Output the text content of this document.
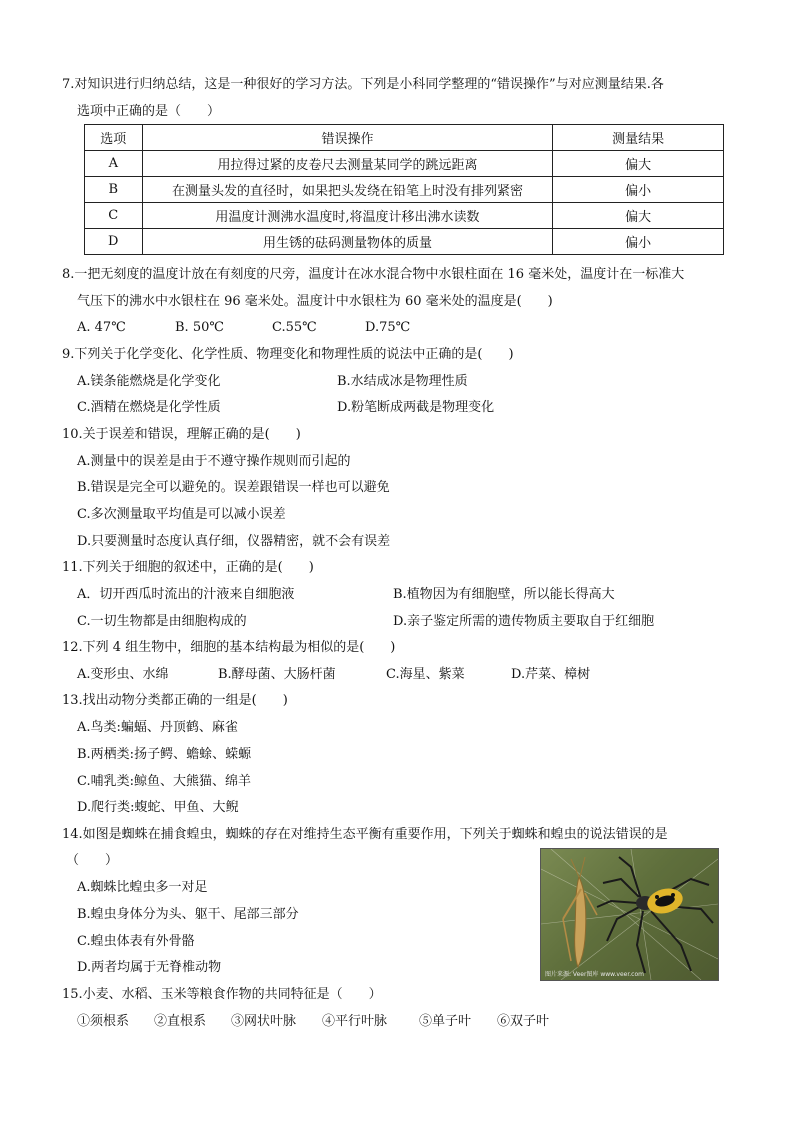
7.对知识进行归纳总结，这是一种很好的学习方法。下列是小科同学整理的“错误操作”与对应测量结果.各
选项中正确的是（　　）
选项	错误操作	测量结果
A	用拉得过紧的皮卷尺去测量某同学的跳远距离	偏大
B	在测量头发的直径时，如果把头发绕在铅笔上时没有排列紧密	偏小
C	用温度计测沸水温度时,将温度计移出沸水读数	偏大
D	用生锈的砝码测量物体的质量	偏小
8.一把无刻度的温度计放在有刻度的尺旁，温度计在冰水混合物中水银柱面在 16 毫米处，温度计在一标准大
气压下的沸水中水银柱在 96 毫米处。温度计中水银柱为 60 毫米处的温度是(　　)
A. 47℃	B. 50℃	C.55℃	D.75℃
9.下列关于化学变化、化学性质、物理变化和物理性质的说法中正确的是(　　)
A.镁条能燃烧是化学变化	B.水结成冰是物理性质
C.酒精在燃烧是化学性质	D.粉笔断成两截是物理变化
10.关于误差和错误，理解正确的是(　　)
A.测量中的误差是由于不遵守操作规则而引起的
B.错误是完全可以避免的。误差跟错误一样也可以避免
C.多次测量取平均值是可以减小误差
D.只要测量时态度认真仔细，仪器精密，就不会有误差
11.下列关于细胞的叙述中，正确的是(　　)
A．切开西瓜时流出的汁液来自细胞液	B.植物因为有细胞壁，所以能长得高大
C.一切生物都是由细胞构成的	D.亲子鉴定所需的遗传物质主要取自于红细胞
12.下列 4 组生物中，细胞的基本结构最为相似的是(　　)
A.变形虫、水绵	B.酵母菌、大肠杆菌	C.海星、紫菜	D.芹菜、樟树
13.找出动物分类都正确的一组是(　　)
A.鸟类:蝙蝠、丹顶鹤、麻雀
B.两栖类:扬子鳄、蟾蜍、蝾螈
C.哺乳类:鲸鱼、大熊猫、绵羊
D.爬行类:蝮蛇、甲鱼、大鲵
14.如图是蜘蛛在捕食蝗虫，蜘蛛的存在对维持生态平衡有重要作用，下列关于蜘蛛和蝗虫的说法错误的是
（　　）
A.蜘蛛比蝗虫多一对足
B.蝗虫身体分为头、躯干、尾部三部分
C.蝗虫体表有外骨骼
D.两者均属于无脊椎动物	图片来源: Veer图库 www.veer.com
15.小麦、水稻、玉米等粮食作物的共同特征是（　　）
①须根系 ②直根系 ③网状叶脉 ④平行叶脉 ⑤单子叶 ⑥双子叶
